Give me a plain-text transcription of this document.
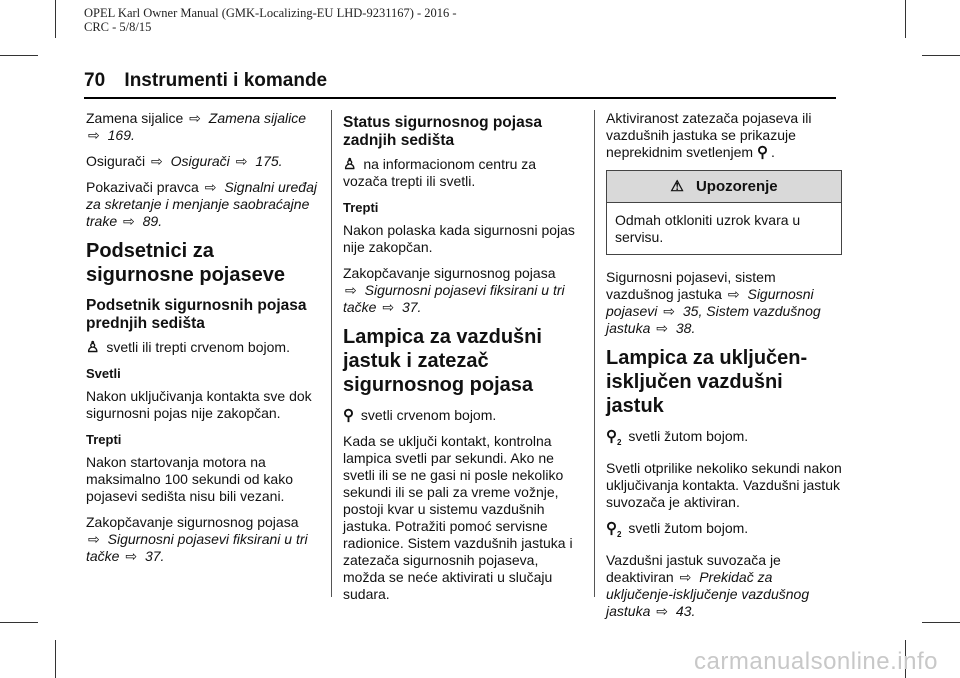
OPEL Karl Owner Manual (GMK-Localizing-EU LHD-9231167) - 2016 -
CRC - 5/8/15
70 Instrumenti i komande

Zamena sijalice ⇨ Zamena sijalice ⇨ 169.

Osigurači ⇨ Osigurači ⇨ 175.

Pokazivači pravca ⇨ Signalni uređaj za skretanje i menjanje saobraćajne trake ⇨ 89.

Podsetnici za sigurnosne pojaseve
Podsetnik sigurnosnih pojasa prednjih sedišta

♙ svetli ili trepti crvenom bojom.

Svetli

Nakon uključivanja kontakta sve dok sigurnosni pojas nije zakopčan.

Trepti

Nakon startovanja motora na maksimalno 100 sekundi od kako pojasevi sedišta nisu bili vezani.

Zakopčavanje sigurnosnog pojasa
⇨ Sigurnosni pojasevi fiksirani u tri tačke ⇨ 37.

Status sigurnosnog pojasa zadnjih sedišta

♙ na informacionom centru za vozača trepti ili svetli.

Trepti

Nakon polaska kada sigurnosni pojas nije zakopčan.

Zakopčavanje sigurnosnog pojasa
⇨ Sigurnosni pojasevi fiksirani u tri tačke ⇨ 37.

Lampica za vazdušni jastuk i zatezač sigurnosnog pojasa

⚲ svetli crvenom bojom.

Kada se uključi kontakt, kontrolna lampica svetli par sekundi. Ako ne svetli ili se ne gasi ni posle nekoliko sekundi ili se pali za vreme vožnje, postoji kvar u sistemu vazdušnih jastuka. Potražiti pomoć servisne radionice. Sistem vazdušnih jastuka i zatezača sigurnosnih pojaseva, možda se neće aktivirati u slučaju sudara.

Aktiviranost zatezača pojaseva ili vazdušnih jastuka se prikazuje neprekidnim svetlenjem ⚲ .

⚠ Upozorenje
Odmah otkloniti uzrok kvara u servisu.

Sigurnosni pojasevi, sistem vazdušnog jastuka ⇨ Sigurnosni pojasevi ⇨ 35, Sistem vazdušnog jastuka ⇨ 38.

Lampica za uključen-isključen vazdušni jastuk

$⚲_2$ svetli žutom bojom.

Svetli otprilike nekoliko sekundi nakon uključivanja kontakta. Vazdušni jastuk suvozača je aktiviran.

$⚲_2$ svetli žutom bojom.

Vazdušni jastuk suvozača je deaktiviran ⇨ Prekidač za uključenje-isključenje vazdušnog jastuka ⇨ 43.

carmanualsonline.info
